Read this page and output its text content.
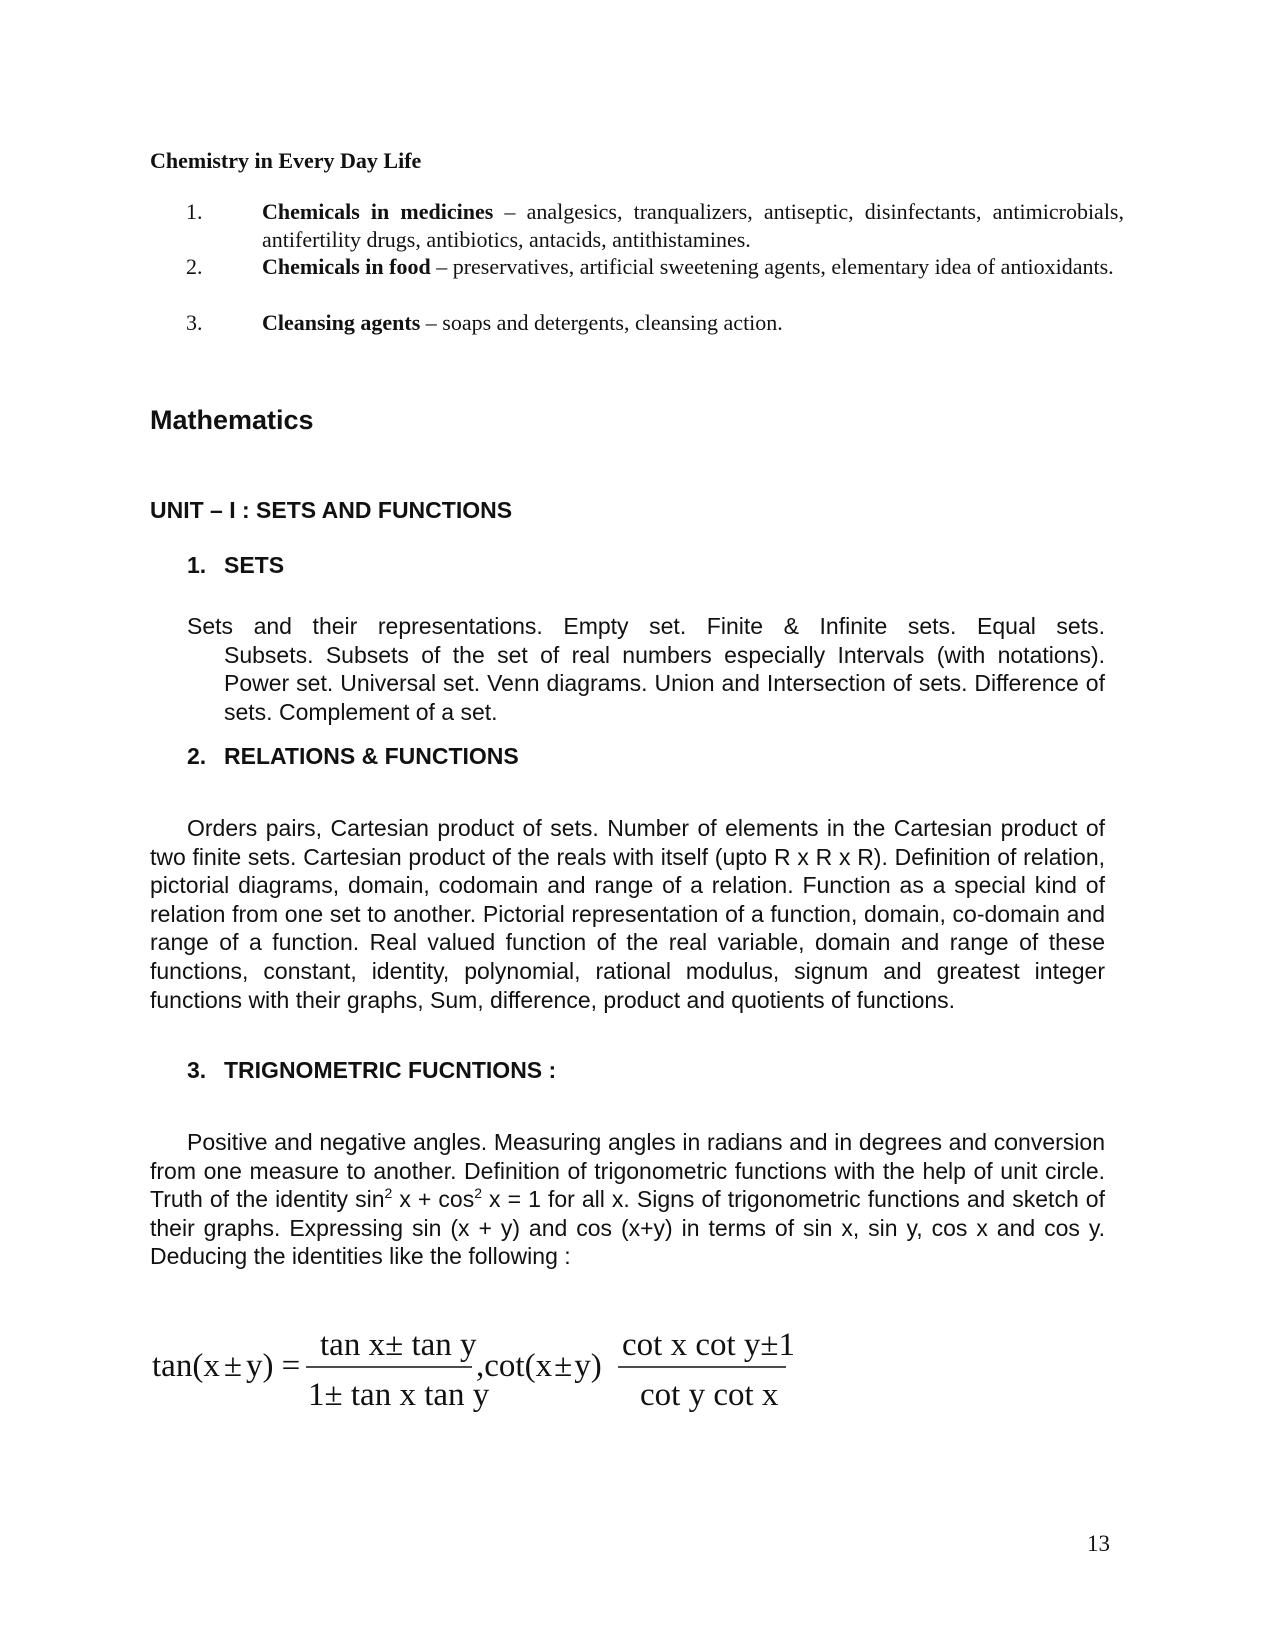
Chemistry in Every Day Life
1.	Chemicals in medicines – analgesics, tranqualizers, antiseptic, disinfectants, antimicrobials, antifertility drugs, antibiotics, antacids, antithistamines.
2.	Chemicals in food – preservatives, artificial sweetening agents, elementary idea of antioxidants.
3.	Cleansing agents – soaps and detergents, cleansing action.
Mathematics
UNIT – I : SETS AND FUNCTIONS
1. SETS
Sets and their representations. Empty set. Finite & Infinite sets. Equal sets.
Subsets. Subsets of the set of real numbers especially Intervals (with notations). Power set. Universal set. Venn diagrams. Union and Intersection of sets. Difference of sets. Complement of a set.
2. RELATIONS & FUNCTIONS
Orders pairs, Cartesian product of sets. Number of elements in the Cartesian product of two finite sets. Cartesian product of the reals with itself (upto R x R x R). Definition of relation, pictorial diagrams, domain, codomain and range of a relation. Function as a special kind of relation from one set to another. Pictorial representation of a function, domain, co-domain and range of a function. Real valued function of the real variable, domain and range of these functions, constant, identity, polynomial, rational modulus, signum and greatest integer functions with their graphs, Sum, difference, product and quotients of functions.
3. TRIGNOMETRIC FUCNTIONS :
Positive and negative angles. Measuring angles in radians and in degrees and conversion from one measure to another. Definition of trigonometric functions with the help of unit circle. Truth of the identity $\sin^2 x + \cos^2 x = 1$ for all x. Signs of trigonometric functions and sketch of their graphs. Expressing sin (x + y) and cos (x+y) in terms of sin x, sin y, cos x and cos y. Deducing the identities like the following :
tan(x ± y) =
tan x± tan y
1± tan x tan y
,cot(x±y)
cot x cot y±1
cot y cot x
13
